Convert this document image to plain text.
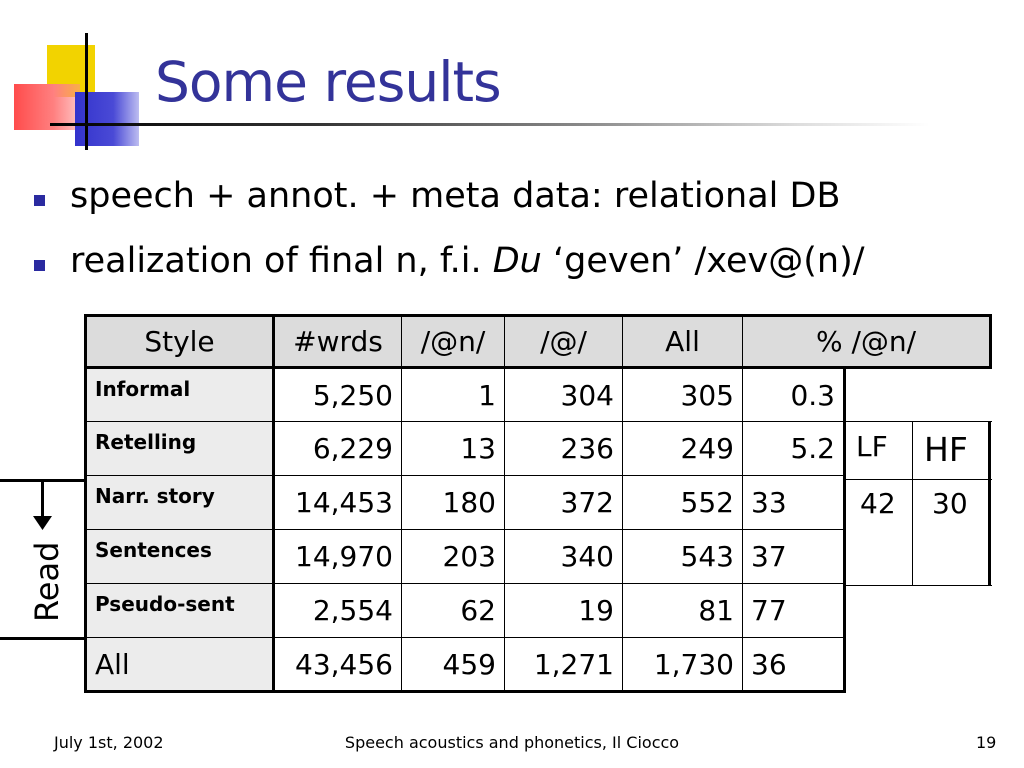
Some results
speech + annot. + meta data: relational DB
realization of final n, f.i. Du ‘geven’ /xev@(n)/
Style	#wrds	/@n/	/@/	All	% /@n/	
Informal	5,250	1	304	305	0.3	
Retelling	6,229	13	236	249	5.2	
Narr. story	14,453	180	372	552	33	
Sentences	14,970	203	340	543	37	
Pseudo-sent	2,554	62	19	81	77	
All	43,456	459	1,271	1,730	36	
LF HF
42 30
Read
July 1st, 2002	Speech acoustics and phonetics, Il Ciocco	19
